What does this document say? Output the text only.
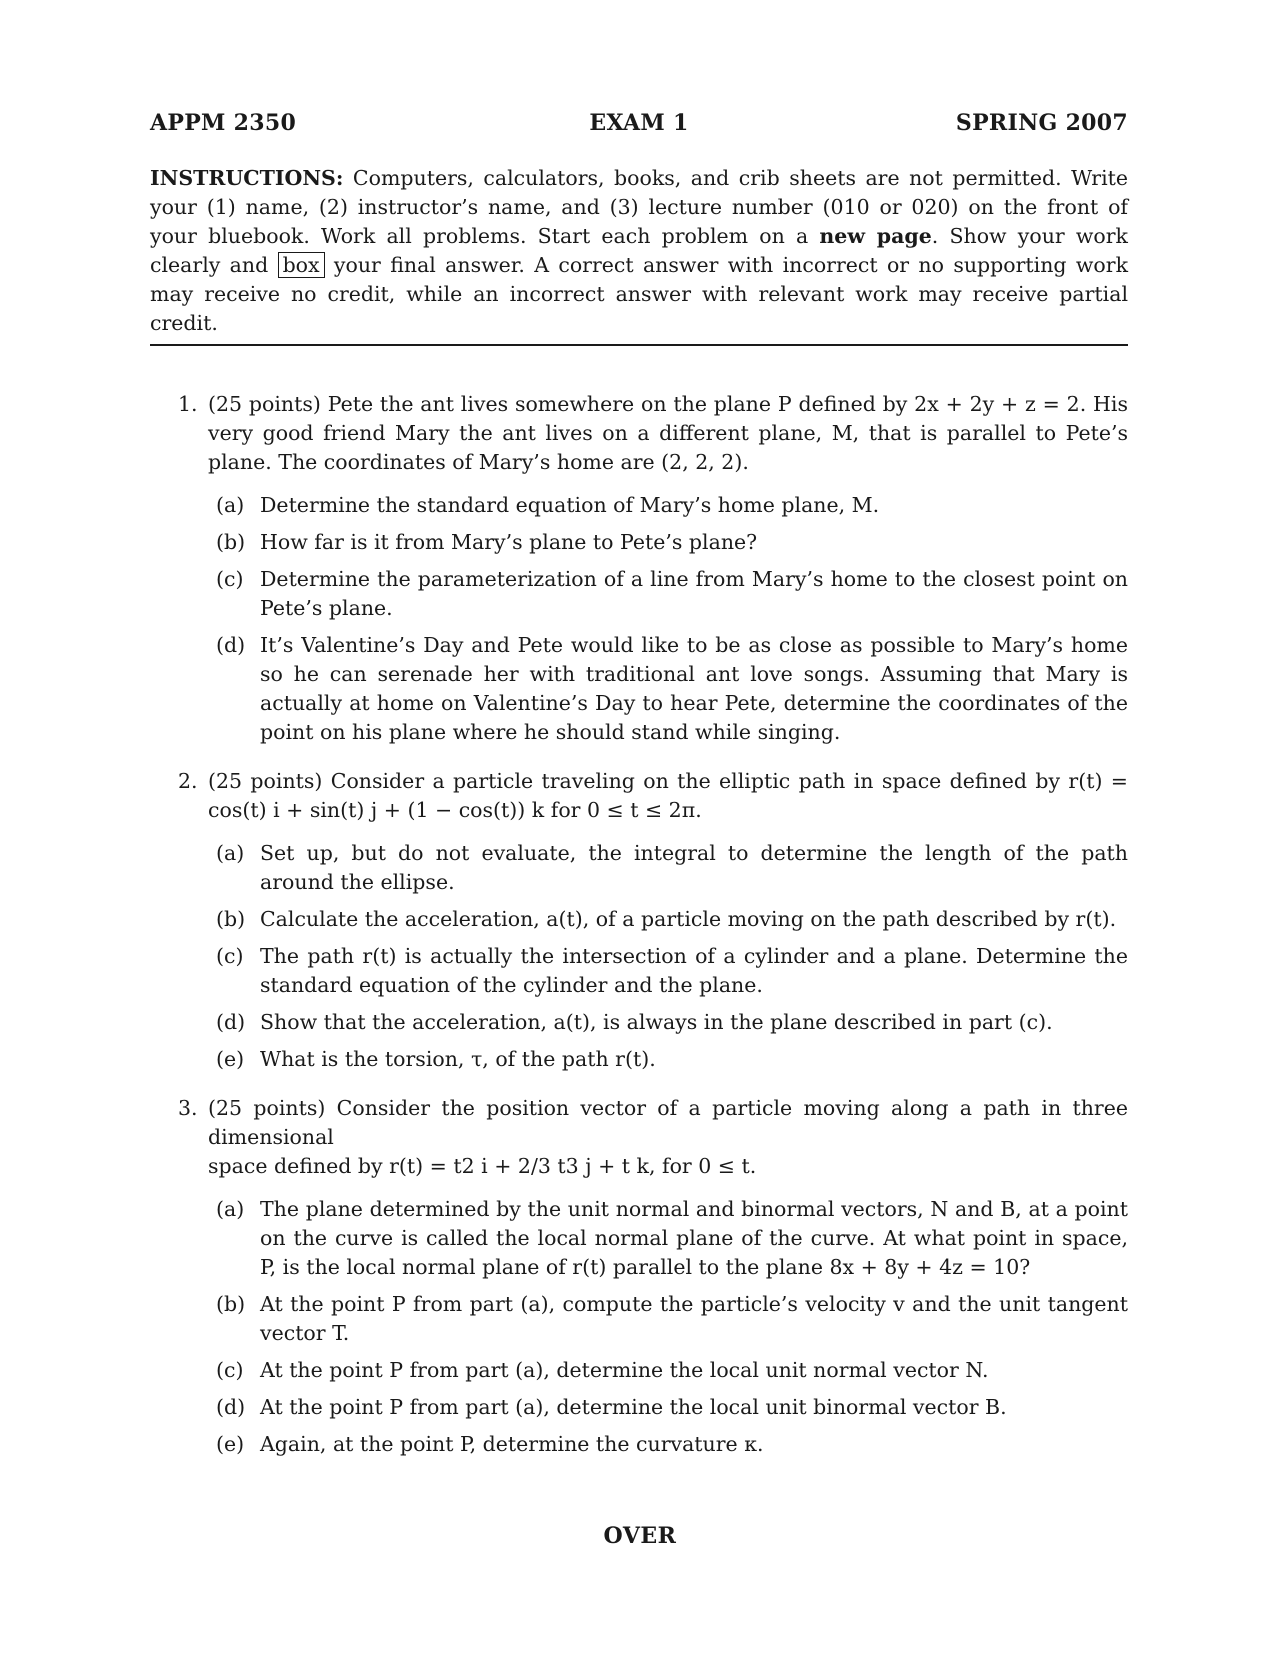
APPM 2350	EXAM 1	SPRING 2007
INSTRUCTIONS: Computers, calculators, books, and crib sheets are not permitted. Write your (1) name, (2) instructor’s name, and (3) lecture number (010 or 020) on the front of your bluebook. Work all problems. Start each problem on a new page. Show your work clearly and box your final answer. A correct answer with incorrect or no supporting work may receive no credit, while an incorrect answer with relevant work may receive partial credit.
1. (25 points) Pete the ant lives somewhere on the plane P defined by 2x + 2y + z = 2. His very good friend Mary the ant lives on a different plane, M, that is parallel to Pete’s plane. The coordinates of Mary’s home are (2, 2, 2).
(a) Determine the standard equation of Mary’s home plane, M.
(b) How far is it from Mary’s plane to Pete’s plane?
(c) Determine the parameterization of a line from Mary’s home to the closest point on Pete’s plane.
(d) It’s Valentine’s Day and Pete would like to be as close as possible to Mary’s home so he can serenade her with traditional ant love songs. Assuming that Mary is actually at home on Valentine’s Day to hear Pete, determine the coordinates of the point on his plane where he should stand while singing.
2. (25 points) Consider a particle traveling on the elliptic path in space defined by r(t) = cos(t) i + sin(t) j + (1 − cos(t)) k for 0 ≤ t ≤ 2π.
(a) Set up, but do not evaluate, the integral to determine the length of the path around the ellipse.
(b) Calculate the acceleration, a(t), of a particle moving on the path described by r(t).
(c) The path r(t) is actually the intersection of a cylinder and a plane. Determine the standard equation of the cylinder and the plane.
(d) Show that the acceleration, a(t), is always in the plane described in part (c).
(e) What is the torsion, τ, of the path r(t).
3. (25 points) Consider the position vector of a particle moving along a path in three dimensional
space defined by r(t) = t2 i + 2/3 t3 j + t k, for 0 ≤ t.
(a) The plane determined by the unit normal and binormal vectors, N and B, at a point on the curve is called the local normal plane of the curve. At what point in space, P, is the local normal plane of r(t) parallel to the plane 8x + 8y + 4z = 10?
(b) At the point P from part (a), compute the particle’s velocity v and the unit tangent vector T.
(c) At the point P from part (a), determine the local unit normal vector N.
(d) At the point P from part (a), determine the local unit binormal vector B.
(e) Again, at the point P, determine the curvature κ.
OVER
